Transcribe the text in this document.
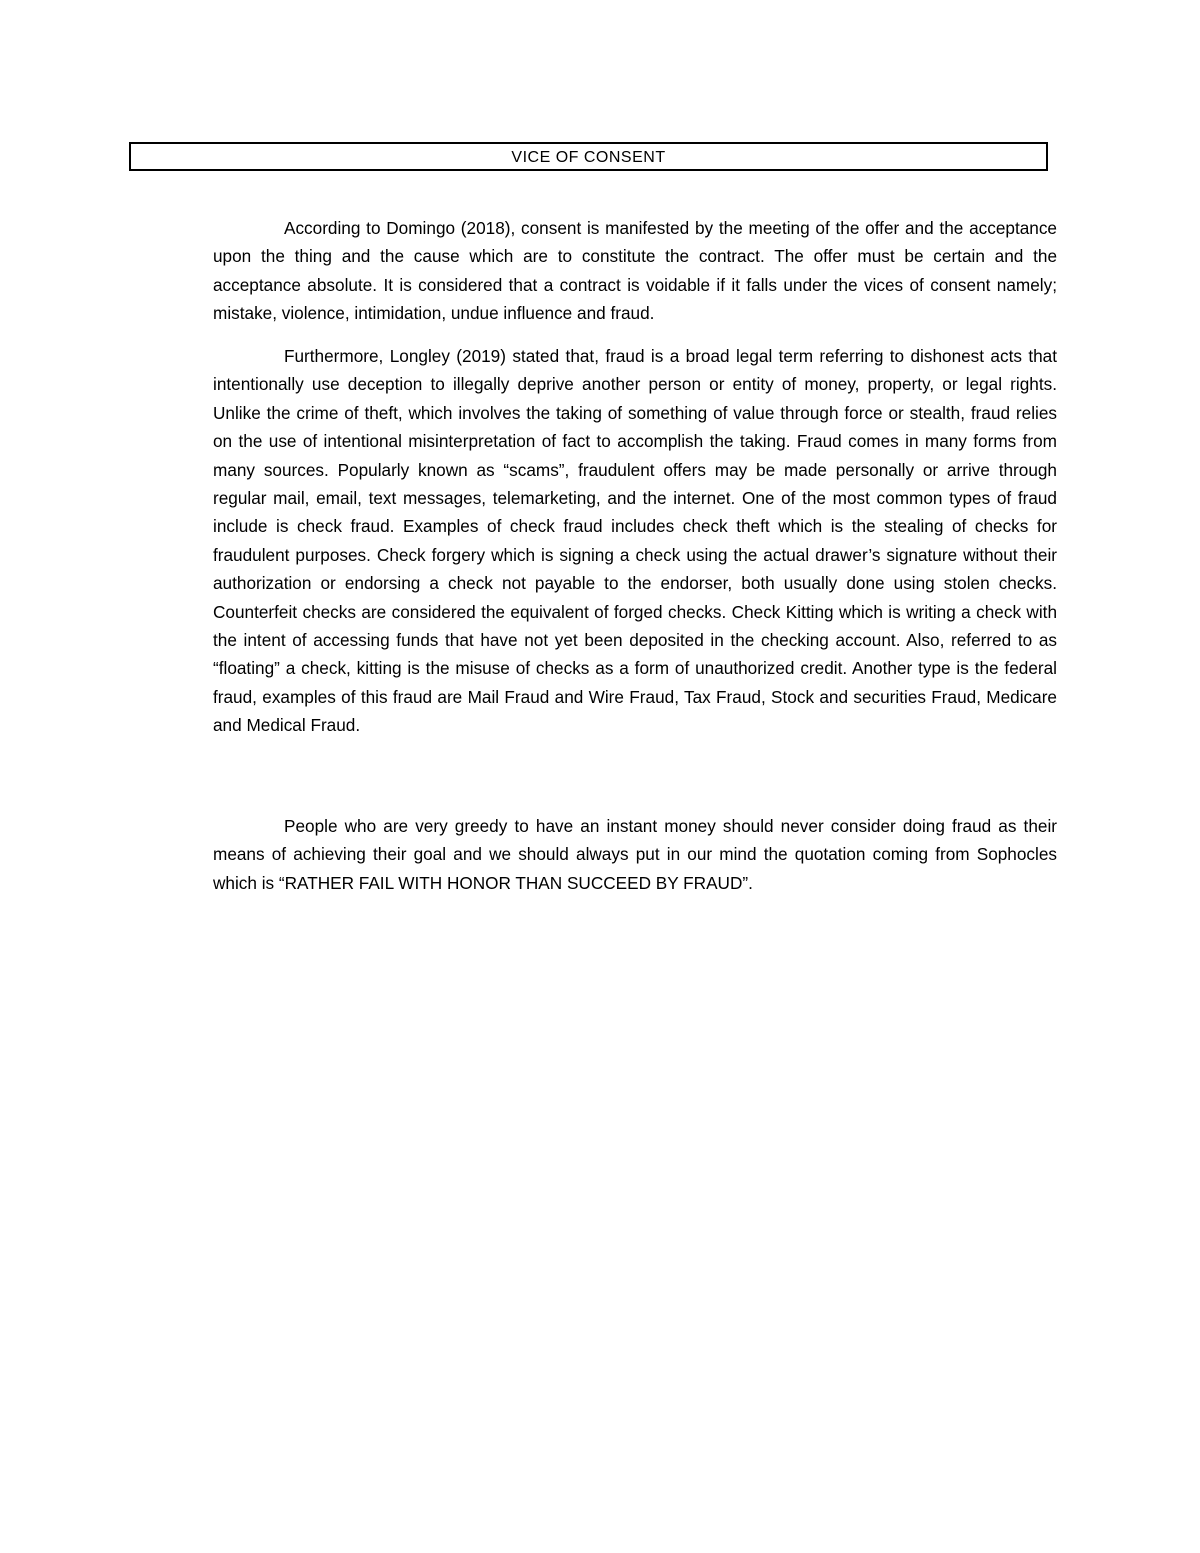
VICE OF CONSENT

According to Domingo (2018), consent is manifested by the meeting of the offer and the acceptance upon the thing and the cause which are to constitute the contract. The offer must be certain and the acceptance absolute. It is considered that a contract is voidable if it falls under the vices of consent namely; mistake, violence, intimidation, undue influence and fraud.

Furthermore, Longley (2019) stated that, fraud is a broad legal term referring to dishonest acts that intentionally use deception to illegally deprive another person or entity of money, property, or legal rights. Unlike the crime of theft, which involves the taking of something of value through force or stealth, fraud relies on the use of intentional misinterpretation of fact to accomplish the taking. Fraud comes in many forms from many sources. Popularly known as “scams”, fraudulent offers may be made personally or arrive through regular mail, email, text messages, telemarketing, and the internet. One of the most common types of fraud include is check fraud. Examples of check fraud includes check theft which is the stealing of checks for fraudulent purposes. Check forgery which is signing a check using the actual drawer’s signature without their authorization or endorsing a check not payable to the endorser, both usually done using stolen checks. Counterfeit checks are considered the equivalent of forged checks. Check Kitting which is writing a check with the intent of accessing funds that have not yet been deposited in the checking account. Also, referred to as “floating” a check, kitting is the misuse of checks as a form of unauthorized credit. Another type is the federal fraud, examples of this fraud are Mail Fraud and Wire Fraud, Tax Fraud, Stock and securities Fraud, Medicare and Medical Fraud.

People who are very greedy to have an instant money should never consider doing fraud as their means of achieving their goal and we should always put in our mind the quotation coming from Sophocles which is “RATHER FAIL WITH HONOR THAN SUCCEED BY FRAUD”.
